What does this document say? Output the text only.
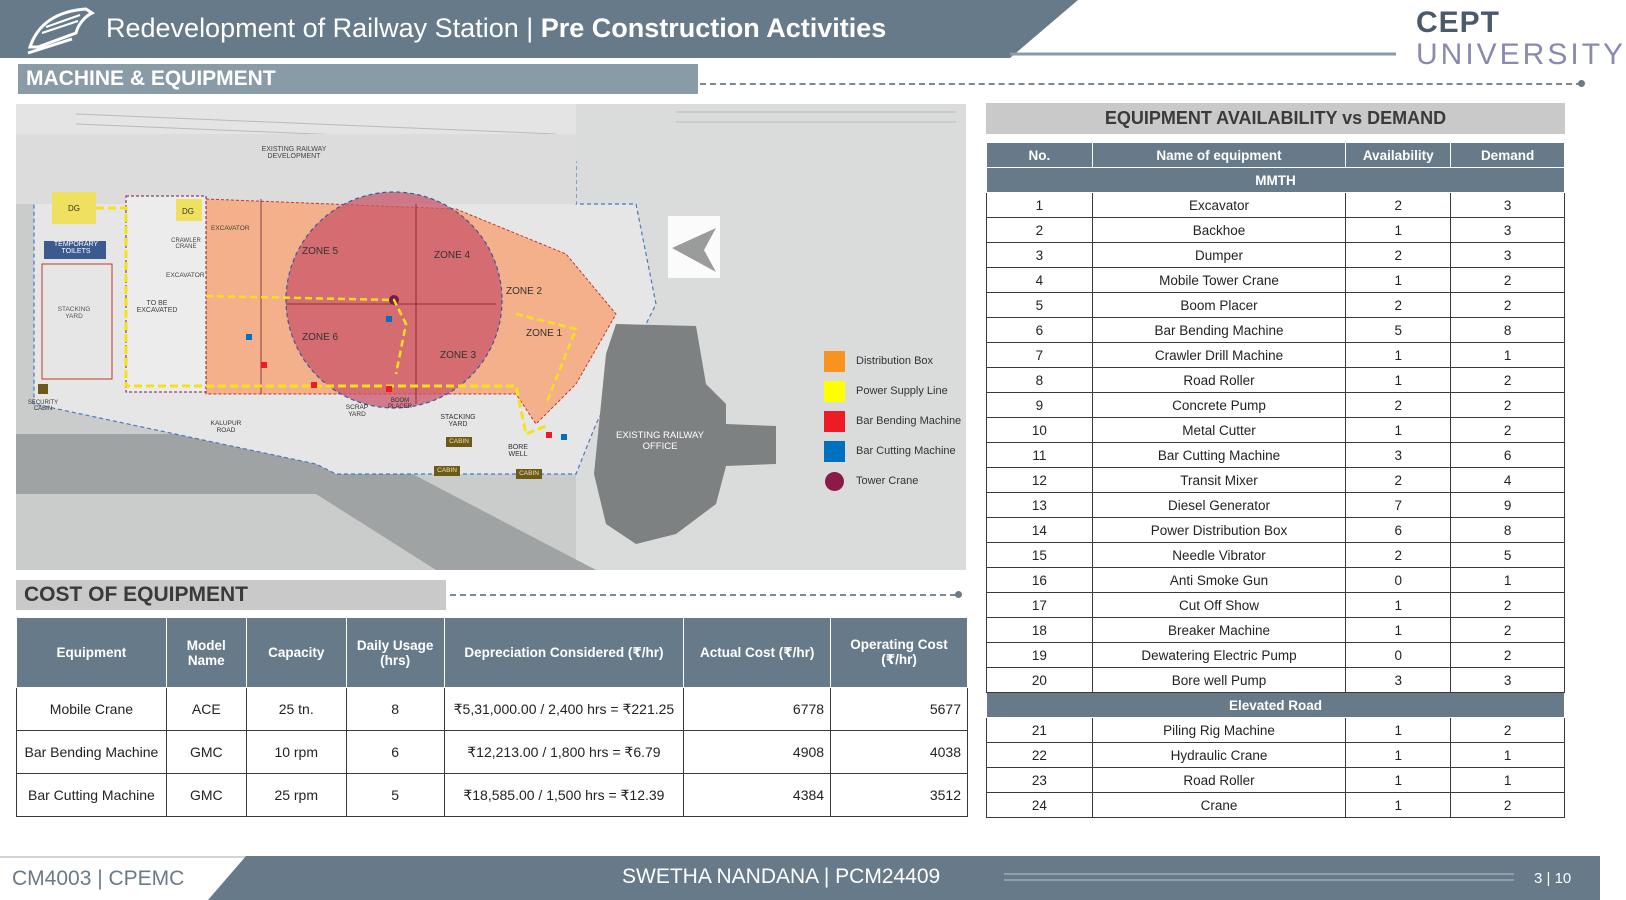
Redevelopment of Railway Station | Pre Construction Activities	CEPT
UNIVERSITY
MACHINE & EQUIPMENT
EXISTING RAILWAY DEVELOPMENT
DG	DG
TEMPORARY TOILETS
STACKING YARD
TO BE EXCAVATED
CRAWLER CRANE
EXCAVATOR
EXCAVATOR
ZONE 5	ZONE 4
ZONE 6
ZONE 3
ZONE 2
ZONE 1
SECURITY CABIN
KALUPUR ROAD
SCRAP YARD
BOOM PLACER
STACKING YARD
CABIN
CABIN	CABIN
BORE WELL
EXISTING RAILWAY OFFICE
Distribution Box
Power Supply Line
Bar Bending Machine
Bar Cutting Machine
Tower Crane
COST OF EQUIPMENT
Equipment	Model Name	Capacity	Daily Usage (hrs)	Depreciation Considered (₹/hr)	Actual Cost (₹/hr)	Operating Cost (₹/hr)
Mobile Crane	ACE	25 tn.	8	₹5,31,000.00 / 2,400 hrs = ₹221.25	6778	5677
Bar Bending Machine	GMC	10 rpm	6	₹12,213.00 / 1,800 hrs = ₹6.79	4908	4038
Bar Cutting Machine	GMC	25 rpm	5	₹18,585.00 / 1,500 hrs = ₹12.39	4384	3512
EQUIPMENT AVAILABILITY vs DEMAND
No.	Name of equipment	Availability	Demand
MMTH			
1	Excavator	2	3
2	Backhoe	1	3
3	Dumper	2	3
4	Mobile Tower Crane	1	2
5	Boom Placer	2	2
6	Bar Bending Machine	5	8
7	Crawler Drill Machine	1	1
8	Road Roller	1	2
9	Concrete Pump	2	2
10	Metal Cutter	1	2
11	Bar Cutting Machine	3	6
12	Transit Mixer	2	4
13	Diesel Generator	7	9
14	Power Distribution Box	6	8
15	Needle Vibrator	2	5
16	Anti Smoke Gun	0	1
17	Cut Off Show	1	2
18	Breaker Machine	1	2
19	Dewatering Electric Pump	0	2
20	Bore well Pump	3	3
Elevated Road			
21	Piling Rig Machine	1	2
22	Hydraulic Crane	1	1
23	Road Roller	1	1
24	Crane	1	2
CM4003 | CPEMC	SWETHA NANDANA | PCM24409	3 | 10
